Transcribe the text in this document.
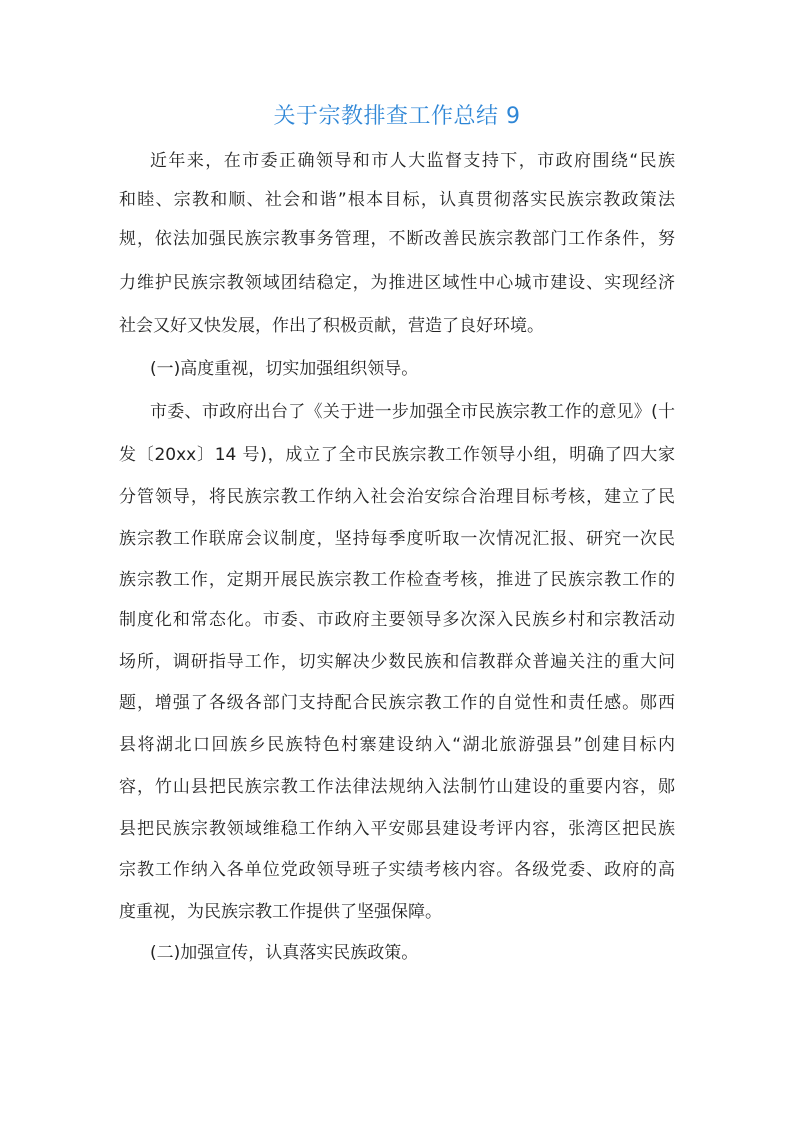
关于宗教排查工作总结 9
近年来，在市委正确领导和市人大监督支持下，市政府围绕“民族
和睦、宗教和顺、社会和谐”根本目标，认真贯彻落实民族宗教政策法
规，依法加强民族宗教事务管理，不断改善民族宗教部门工作条件，努
力维护民族宗教领域团结稳定，为推进区域性中心城市建设、实现经济
社会又好又快发展，作出了积极贡献，营造了良好环境。
(一)高度重视，切实加强组织领导。
市委、市政府出台了《关于进一步加强全市民族宗教工作的意见》(十
发〔20xx〕14 号)，成立了全市民族宗教工作领导小组，明确了四大家
分管领导，将民族宗教工作纳入社会治安综合治理目标考核，建立了民
族宗教工作联席会议制度，坚持每季度听取一次情况汇报、研究一次民
族宗教工作，定期开展民族宗教工作检查考核，推进了民族宗教工作的
制度化和常态化。市委、市政府主要领导多次深入民族乡村和宗教活动
场所，调研指导工作，切实解决少数民族和信教群众普遍关注的重大问
题，增强了各级各部门支持配合民族宗教工作的自觉性和责任感。郧西
县将湖北口回族乡民族特色村寨建设纳入“湖北旅游强县”创建目标内
容，竹山县把民族宗教工作法律法规纳入法制竹山建设的重要内容，郧
县把民族宗教领域维稳工作纳入平安郧县建设考评内容，张湾区把民族
宗教工作纳入各单位党政领导班子实绩考核内容。各级党委、政府的高
度重视，为民族宗教工作提供了坚强保障。
(二)加强宣传，认真落实民族政策。
